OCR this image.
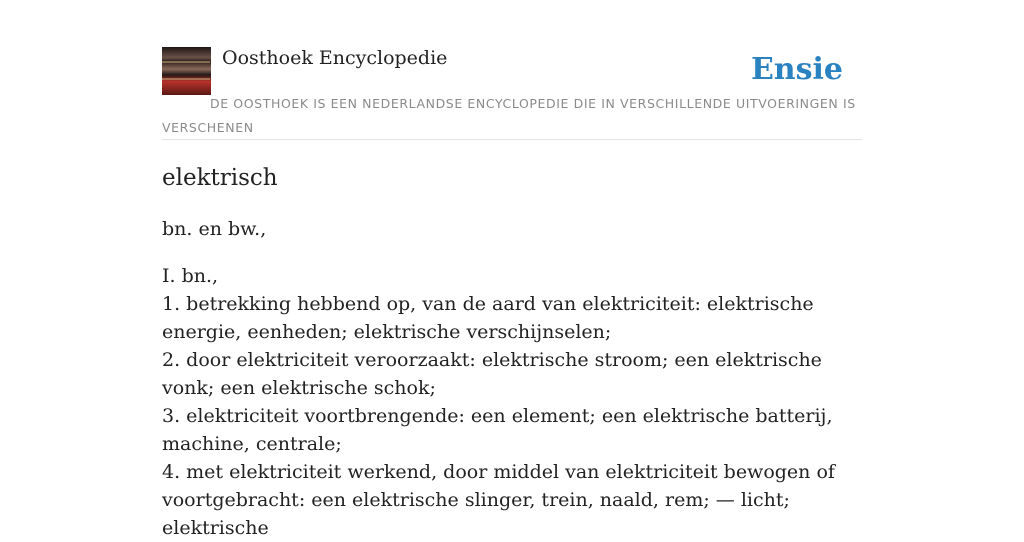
Oosthoek Encyclopedie	Ensie

DE OOSTHOEK IS EEN NEDERLANDSE ENCYCLOPEDIE DIE IN VERSCHILLENDE UITVOERINGEN IS VERSCHENEN

elektrisch

bn. en bw.,

I. bn.,
1. betrekking hebbend op, van de aard van elektriciteit: elektrische energie, eenheden; elektrische verschijnselen;
2. door elektriciteit veroorzaakt: elektrische stroom; een elektrische vonk; een elektrische schok;
3. elektriciteit voortbrengende: een element; een elektrische batterij, machine, centrale;
4. met elektriciteit werkend, door middel van elektriciteit bewogen of voortgebracht: een elektrische slinger, trein, naald, rem; — licht; elektrische
